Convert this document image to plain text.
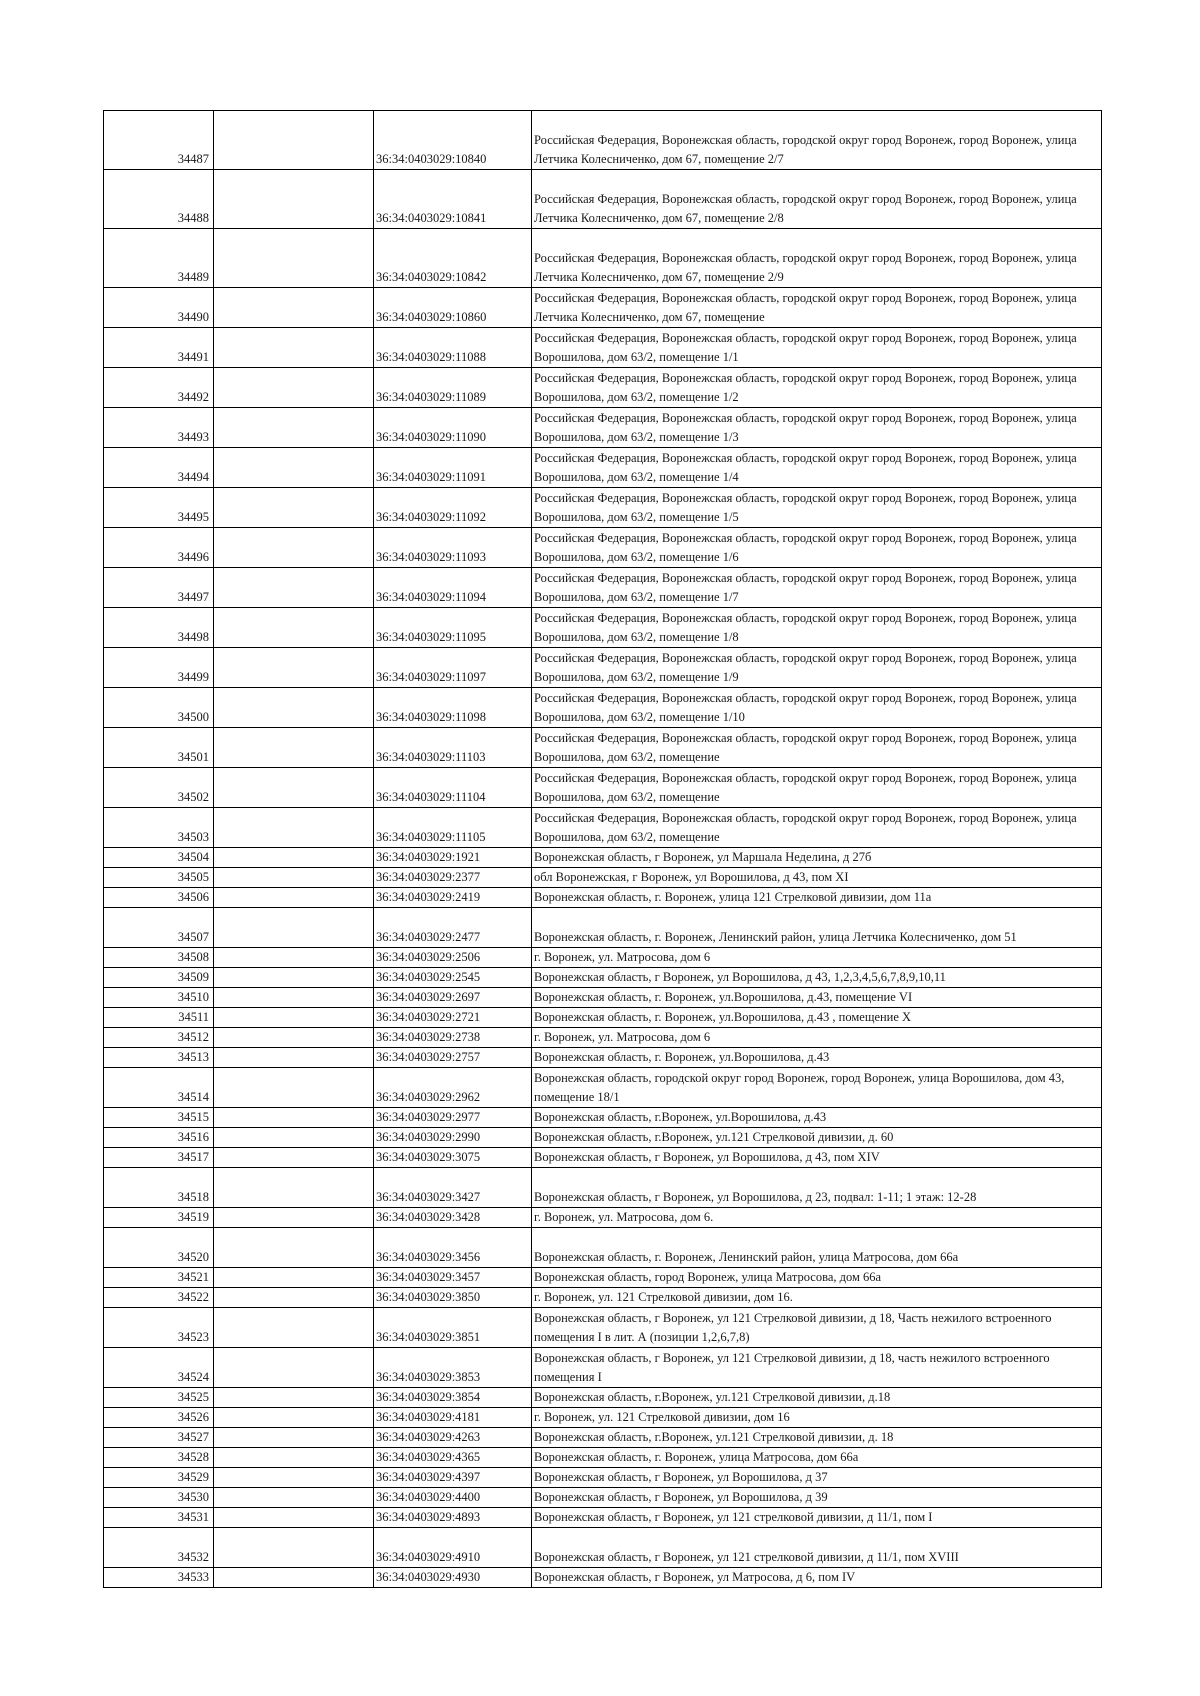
34487		36:34:0403029:10840	Российская Федерация, Воронежская область, городской округ город Воронеж, город Воронеж, улица Летчика Колесниченко, дом 67, помещение 2/7
34488		36:34:0403029:10841	Российская Федерация, Воронежская область, городской округ город Воронеж, город Воронеж, улица Летчика Колесниченко, дом 67, помещение 2/8
34489		36:34:0403029:10842	Российская Федерация, Воронежская область, городской округ город Воронеж, город Воронеж, улица Летчика Колесниченко, дом 67, помещение 2/9
34490		36:34:0403029:10860	Российская Федерация, Воронежская область, городской округ город Воронеж, город Воронеж, улица Летчика Колесниченко, дом 67, помещение
34491		36:34:0403029:11088	Российская Федерация, Воронежская область, городской округ город Воронеж, город Воронеж, улица Ворошилова, дом 63/2, помещение 1/1
34492		36:34:0403029:11089	Российская Федерация, Воронежская область, городской округ город Воронеж, город Воронеж, улица Ворошилова, дом 63/2, помещение 1/2
34493		36:34:0403029:11090	Российская Федерация, Воронежская область, городской округ город Воронеж, город Воронеж, улица Ворошилова, дом 63/2, помещение 1/3
34494		36:34:0403029:11091	Российская Федерация, Воронежская область, городской округ город Воронеж, город Воронеж, улица Ворошилова, дом 63/2, помещение 1/4
34495		36:34:0403029:11092	Российская Федерация, Воронежская область, городской округ город Воронеж, город Воронеж, улица Ворошилова, дом 63/2, помещение 1/5
34496		36:34:0403029:11093	Российская Федерация, Воронежская область, городской округ город Воронеж, город Воронеж, улица Ворошилова, дом 63/2, помещение 1/6
34497		36:34:0403029:11094	Российская Федерация, Воронежская область, городской округ город Воронеж, город Воронеж, улица Ворошилова, дом 63/2, помещение 1/7
34498		36:34:0403029:11095	Российская Федерация, Воронежская область, городской округ город Воронеж, город Воронеж, улица Ворошилова, дом 63/2, помещение 1/8
34499		36:34:0403029:11097	Российская Федерация, Воронежская область, городской округ город Воронеж, город Воронеж, улица Ворошилова, дом 63/2, помещение 1/9
34500		36:34:0403029:11098	Российская Федерация, Воронежская область, городской округ город Воронеж, город Воронеж, улица Ворошилова, дом 63/2, помещение 1/10
34501		36:34:0403029:11103	Российская Федерация, Воронежская область, городской округ город Воронеж, город Воронеж, улица Ворошилова, дом 63/2, помещение
34502		36:34:0403029:11104	Российская Федерация, Воронежская область, городской округ город Воронеж, город Воронеж, улица Ворошилова, дом 63/2, помещение
34503		36:34:0403029:11105	Российская Федерация, Воронежская область, городской округ город Воронеж, город Воронеж, улица Ворошилова, дом 63/2, помещение
34504		36:34:0403029:1921	Воронежская область, г Воронеж, ул Маршала Неделина, д 27б
34505		36:34:0403029:2377	обл Воронежская, г Воронеж, ул Ворошилова, д 43, пом XI
34506		36:34:0403029:2419	Воронежская область, г. Воронеж, улица 121 Стрелковой дивизии, дом 11а
34507		36:34:0403029:2477	Воронежская область, г. Воронеж, Ленинский район, улица Летчика Колесниченко, дом 51
34508		36:34:0403029:2506	г. Воронеж, ул. Матросова, дом 6
34509		36:34:0403029:2545	Воронежская область, г Воронеж, ул Ворошилова, д 43, 1,2,3,4,5,6,7,8,9,10,11
34510		36:34:0403029:2697	Воронежская область, г. Воронеж, ул.Ворошилова, д.43, помещение VI
34511		36:34:0403029:2721	Воронежская область, г. Воронеж, ул.Ворошилова, д.43 , помещение X
34512		36:34:0403029:2738	г. Воронеж, ул. Матросова, дом 6
34513		36:34:0403029:2757	Воронежская область, г. Воронеж, ул.Ворошилова, д.43
34514		36:34:0403029:2962	Воронежская область, городской округ город Воронеж, город Воронеж, улица Ворошилова, дом 43, помещение 18/1
34515		36:34:0403029:2977	Воронежская область, г.Воронеж, ул.Ворошилова, д.43
34516		36:34:0403029:2990	Воронежская область, г.Воронеж, ул.121 Стрелковой дивизии, д. 60
34517		36:34:0403029:3075	Воронежская область, г Воронеж, ул Ворошилова, д 43, пом XIV
34518		36:34:0403029:3427	Воронежская область, г Воронеж, ул Ворошилова, д 23, подвал: 1-11; 1 этаж: 12-28
34519		36:34:0403029:3428	г. Воронеж, ул. Матросова, дом 6.
34520		36:34:0403029:3456	Воронежская область, г. Воронеж, Ленинский район, улица Матросова, дом 66а
34521		36:34:0403029:3457	Воронежская область, город Воронеж, улица Матросова, дом 66а
34522		36:34:0403029:3850	г. Воронеж, ул. 121 Стрелковой дивизии, дом 16.
34523		36:34:0403029:3851	Воронежская область, г Воронеж, ул 121 Стрелковой дивизии, д 18, Часть нежилого встроенного помещения I в лит. А (позиции 1,2,6,7,8)
34524		36:34:0403029:3853	Воронежская область, г Воронеж, ул 121 Стрелковой дивизии, д 18, часть нежилого встроенного помещения I
34525		36:34:0403029:3854	Воронежская область, г.Воронеж, ул.121 Стрелковой дивизии, д.18
34526		36:34:0403029:4181	г. Воронеж, ул. 121 Стрелковой дивизии, дом 16
34527		36:34:0403029:4263	Воронежская область, г.Воронеж, ул.121 Стрелковой дивизии, д. 18
34528		36:34:0403029:4365	Воронежская область, г. Воронеж, улица Матросова, дом 66а
34529		36:34:0403029:4397	Воронежская область, г Воронеж, ул Ворошилова, д 37
34530		36:34:0403029:4400	Воронежская область, г Воронеж, ул Ворошилова, д 39
34531		36:34:0403029:4893	Воронежская область, г Воронеж, ул 121 стрелковой дивизии, д 11/1, пом I
34532		36:34:0403029:4910	Воронежская область, г Воронеж, ул 121 стрелковой дивизии, д 11/1, пом XVIII
34533		36:34:0403029:4930	Воронежская область, г Воронеж, ул Матросова, д 6, пом IV
